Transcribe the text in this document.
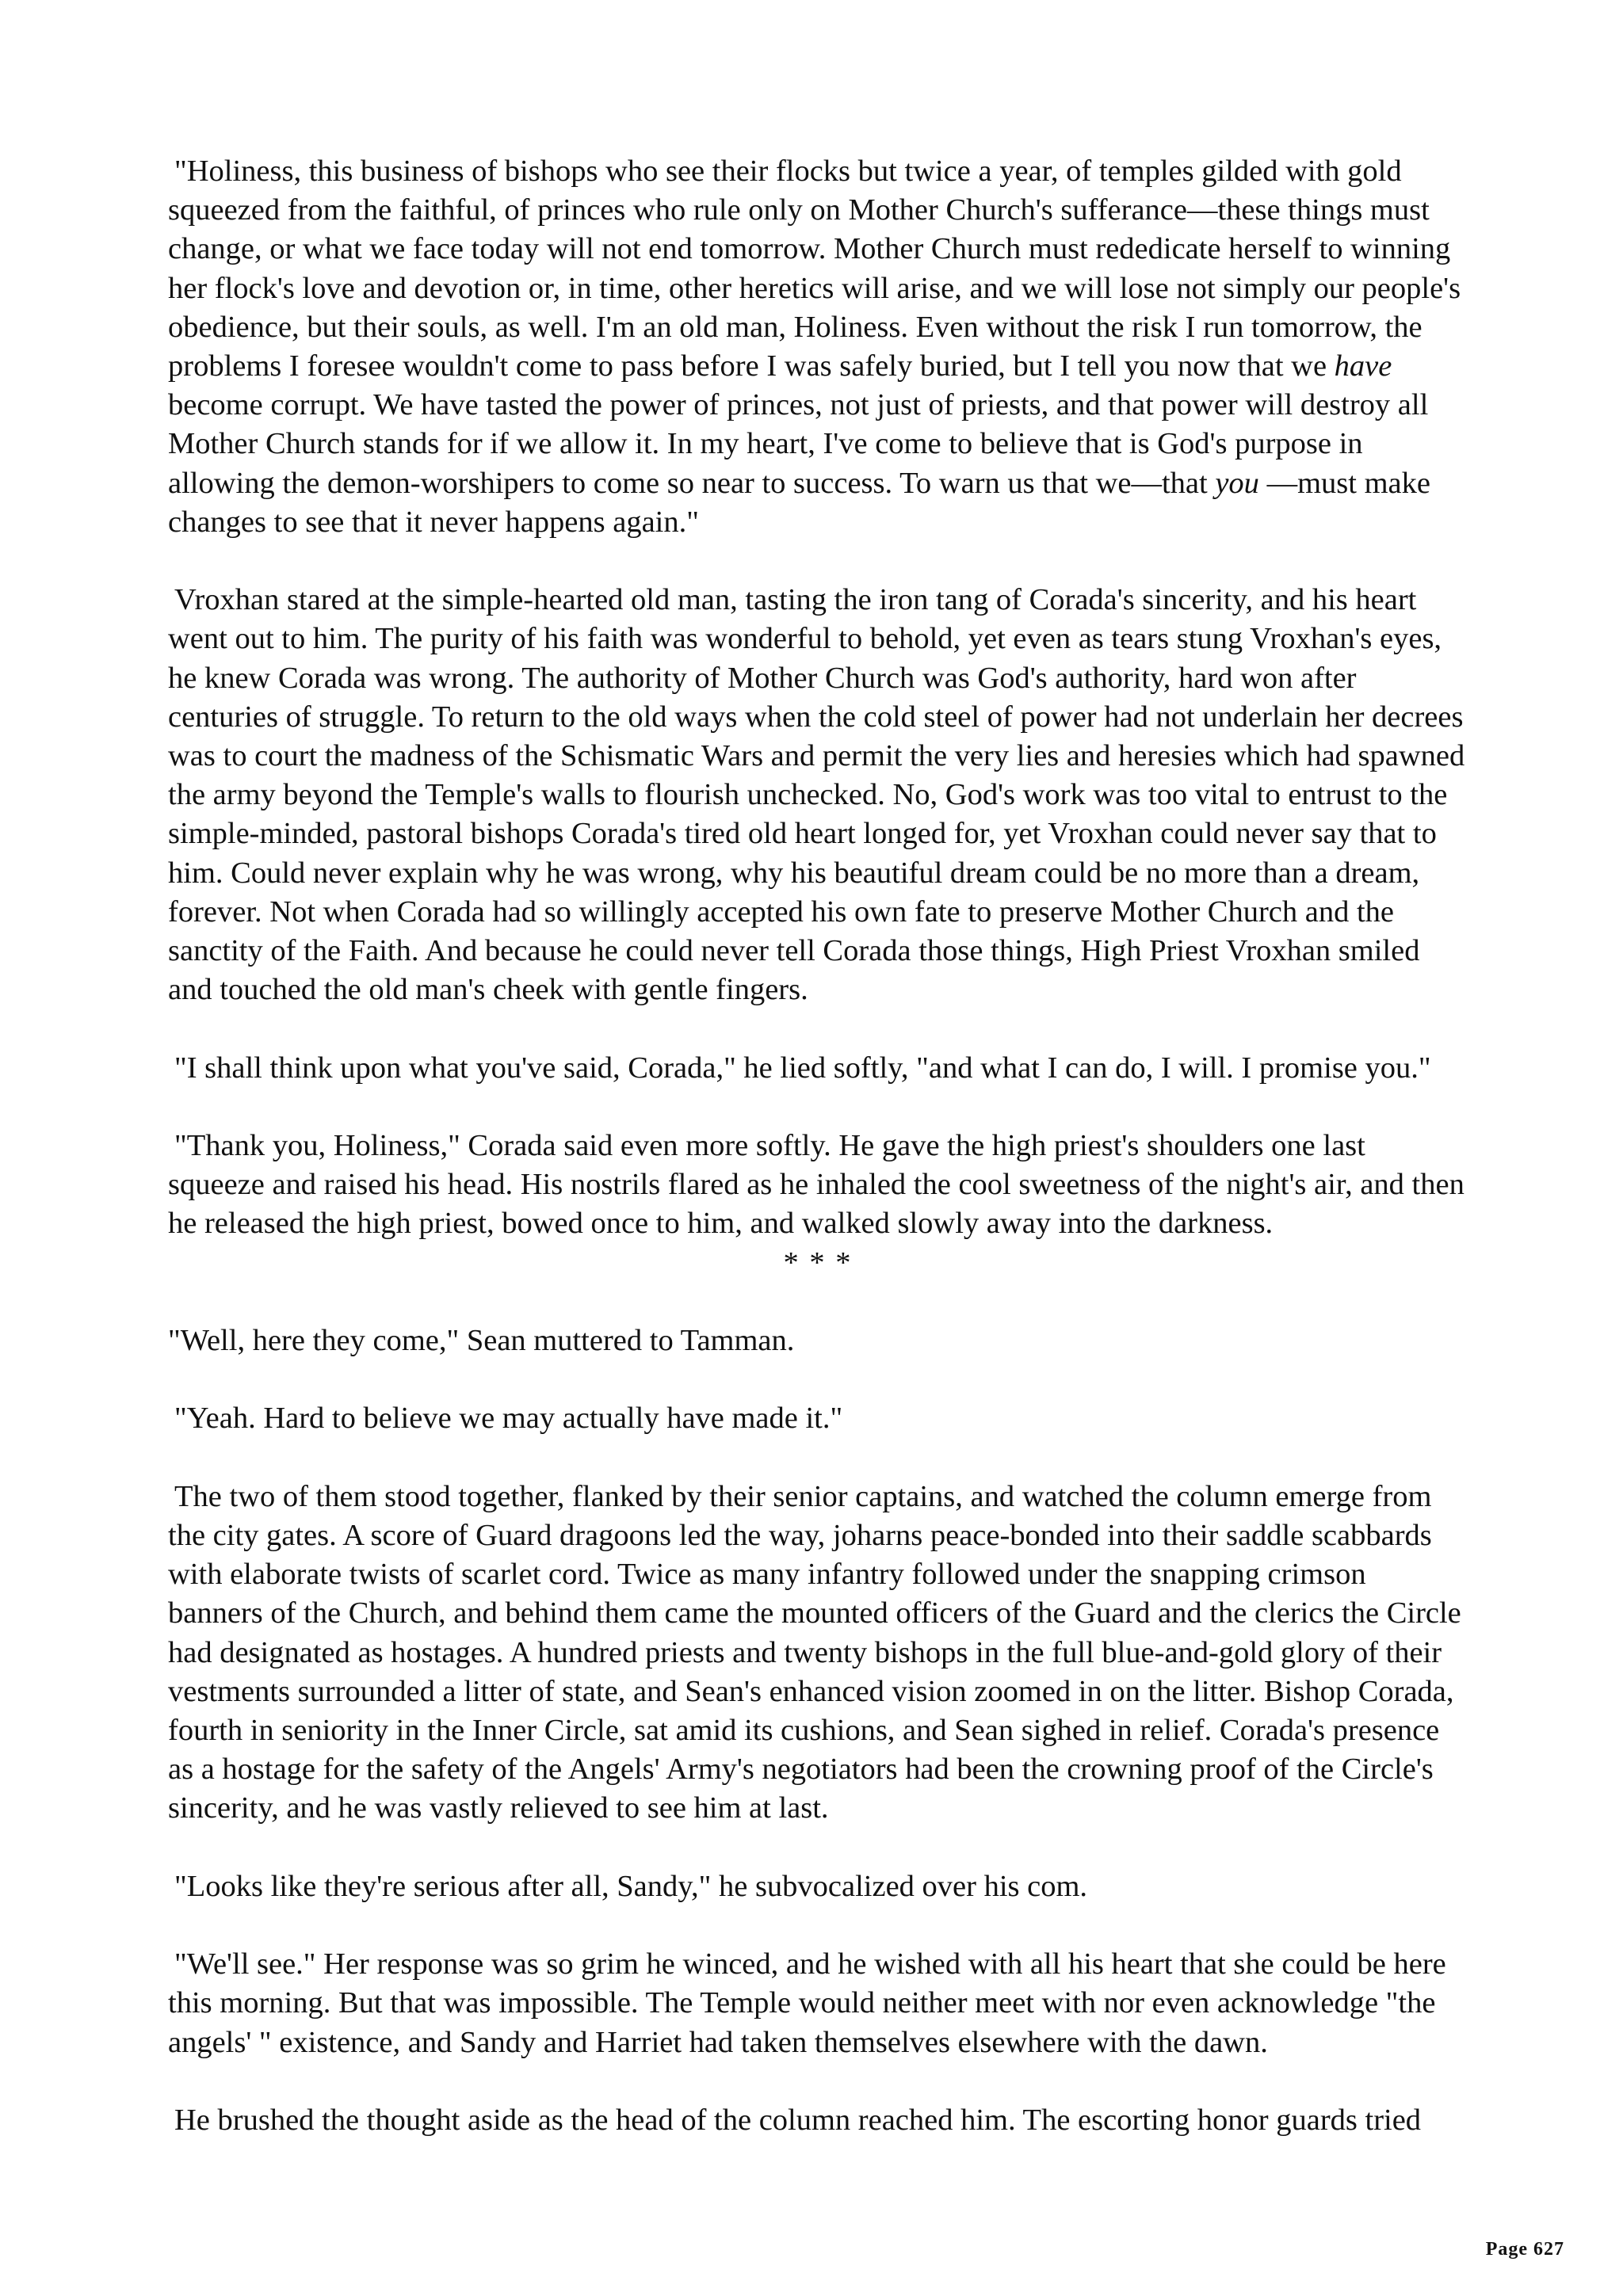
"Holiness, this business of bishops who see their flocks but twice a year, of temples gilded with gold squeezed from the faithful, of princes who rule only on Mother Church's sufferance—these things must change, or what we face today will not end tomorrow. Mother Church must rededicate herself to winning her flock's love and devotion or, in time, other heretics will arise, and we will lose not simply our people's obedience, but their souls, as well. I'm an old man, Holiness. Even without the risk I run tomorrow, the problems I foresee wouldn't come to pass before I was safely buried, but I tell you now that we have become corrupt. We have tasted the power of princes, not just of priests, and that power will destroy all Mother Church stands for if we allow it. In my heart, I've come to believe that is God's purpose in allowing the demon-worshipers to come so near to success. To warn us that we—that you —must make changes to see that it never happens again."

Vroxhan stared at the simple-hearted old man, tasting the iron tang of Corada's sincerity, and his heart went out to him. The purity of his faith was wonderful to behold, yet even as tears stung Vroxhan's eyes, he knew Corada was wrong. The authority of Mother Church was God's authority, hard won after centuries of struggle. To return to the old ways when the cold steel of power had not underlain her decrees was to court the madness of the Schismatic Wars and permit the very lies and heresies which had spawned the army beyond the Temple's walls to flourish unchecked. No, God's work was too vital to entrust to the simple-minded, pastoral bishops Corada's tired old heart longed for, yet Vroxhan could never say that to him. Could never explain why he was wrong, why his beautiful dream could be no more than a dream, forever. Not when Corada had so willingly accepted his own fate to preserve Mother Church and the sanctity of the Faith. And because he could never tell Corada those things, High Priest Vroxhan smiled and touched the old man's cheek with gentle fingers.

"I shall think upon what you've said, Corada," he lied softly, "and what I can do, I will. I promise you."

"Thank you, Holiness," Corada said even more softly. He gave the high priest's shoulders one last squeeze and raised his head. His nostrils flared as he inhaled the cool sweetness of the night's air, and then he released the high priest, bowed once to him, and walked slowly away into the darkness.

* * *

"Well, here they come," Sean muttered to Tamman.

"Yeah. Hard to believe we may actually have made it."

The two of them stood together, flanked by their senior captains, and watched the column emerge from the city gates. A score of Guard dragoons led the way, joharns peace-bonded into their saddle scabbards with elaborate twists of scarlet cord. Twice as many infantry followed under the snapping crimson banners of the Church, and behind them came the mounted officers of the Guard and the clerics the Circle had designated as hostages. A hundred priests and twenty bishops in the full blue-and-gold glory of their vestments surrounded a litter of state, and Sean's enhanced vision zoomed in on the litter. Bishop Corada, fourth in seniority in the Inner Circle, sat amid its cushions, and Sean sighed in relief. Corada's presence as a hostage for the safety of the Angels' Army's negotiators had been the crowning proof of the Circle's sincerity, and he was vastly relieved to see him at last.

"Looks like they're serious after all, Sandy," he subvocalized over his com.

"We'll see." Her response was so grim he winced, and he wished with all his heart that she could be here this morning. But that was impossible. The Temple would neither meet with nor even acknowledge "the angels' " existence, and Sandy and Harriet had taken themselves elsewhere with the dawn.

He brushed the thought aside as the head of the column reached him. The escorting honor guards tried

Page 627
